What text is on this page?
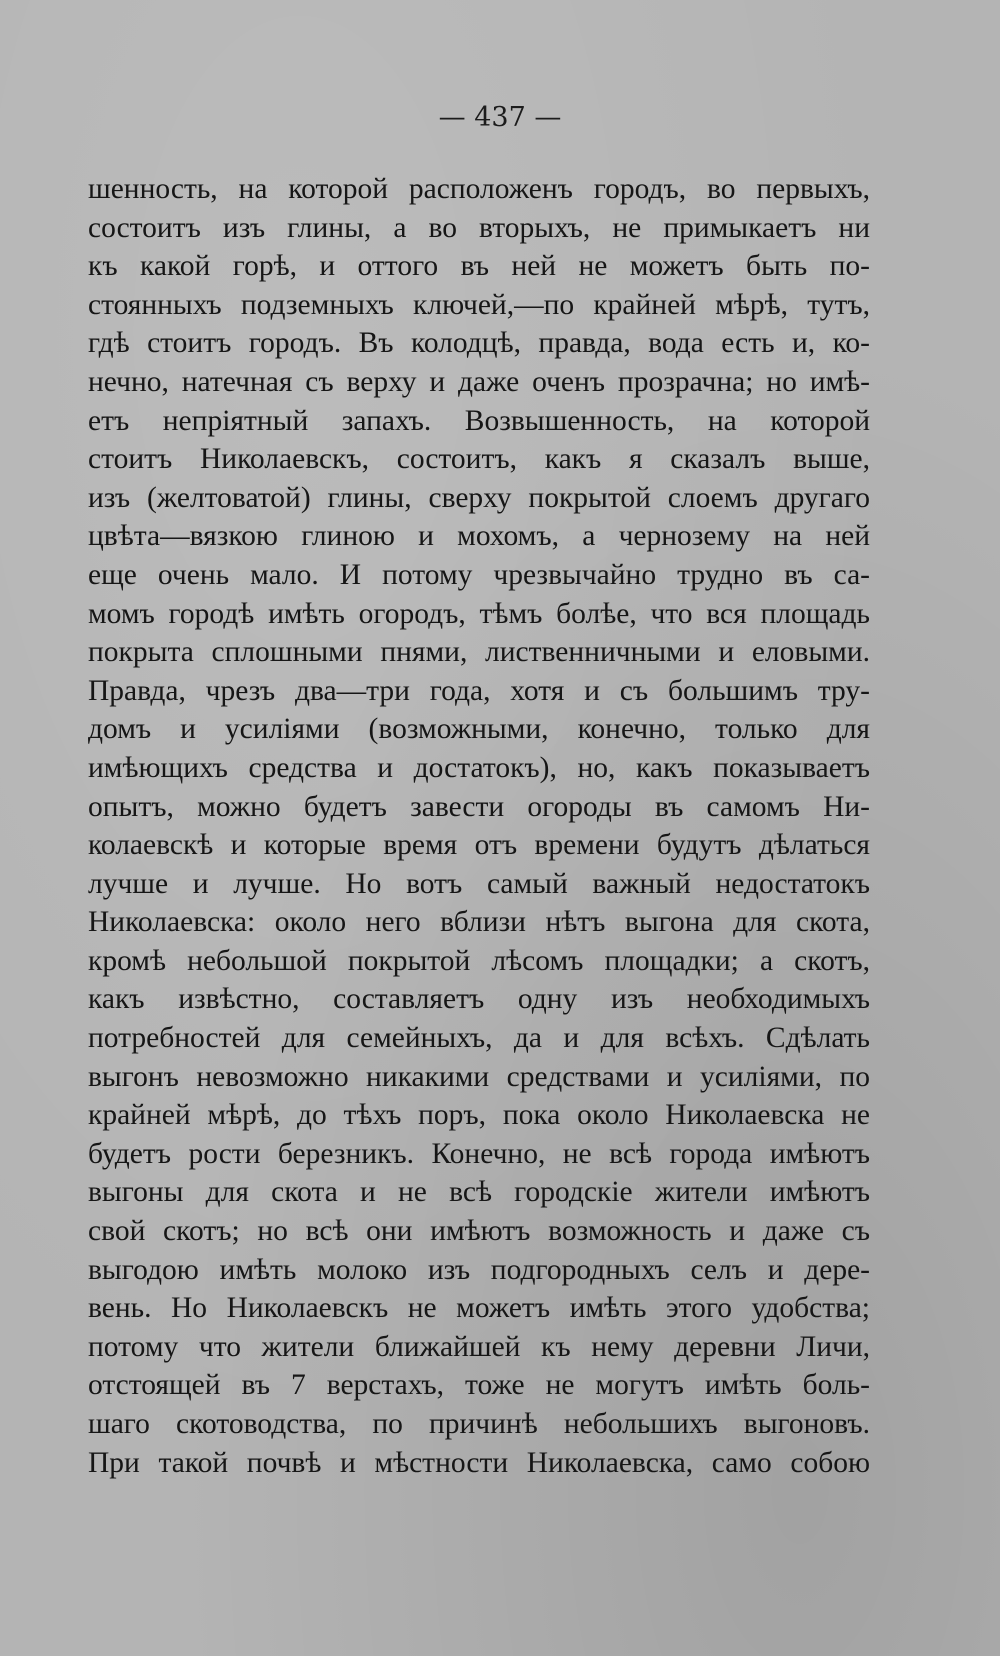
— 437 —

шенность, на которой расположенъ городъ, во первыхъ,
состоитъ изъ глины, а во вторыхъ, не примыкаетъ ни
къ какой горѣ, и оттого въ ней не можетъ быть по-
стоянныхъ подземныхъ ключей,—по крайней мѣрѣ, тутъ,
гдѣ стоитъ городъ. Въ колодцѣ, правда, вода есть и, ко-
нечно, натечная съ верху и даже оченъ прозрачна; но имѣ-
етъ непріятный запахъ. Возвышенность, на которой
стоитъ Николаевскъ, состоитъ, какъ я сказалъ выше,
изъ (желтоватой) глины, сверху покрытой слоемъ другаго
цвѣта—вязкою глиною и мохомъ, а чернозему на ней
еще очень мало. И потому чрезвычайно трудно въ са-
момъ городѣ имѣть огородъ, тѣмъ болѣе, что вся площадь
покрыта сплошными пнями, лиственничными и еловыми.
Правда, чрезъ два—три года, хотя и съ большимъ тру-
домъ и усиліями (возможными, конечно, только для
имѣющихъ средства и достатокъ), но, какъ показываетъ
опытъ, можно будетъ завести огороды въ самомъ Ни-
колаевскѣ и которые время отъ времени будутъ дѣлаться
лучше и лучше. Но вотъ самый важный недостатокъ
Николаевска: около него вблизи нѣтъ выгона для скота,
кромѣ небольшой покрытой лѣсомъ площадки; а скотъ,
какъ извѣстно, составляетъ одну изъ необходимыхъ
потребностей для семейныхъ, да и для всѣхъ. Сдѣлать
выгонъ невозможно никакими средствами и усиліями, по
крайней мѣрѣ, до тѣхъ поръ, пока около Николаевска не
будетъ рости березникъ. Конечно, не всѣ города имѣютъ
выгоны для скота и не всѣ городскіе жители имѣютъ
свой скотъ; но всѣ они имѣютъ возможность и даже съ
выгодою имѣть молоко изъ подгородныхъ селъ и дере-
вень. Но Николаевскъ не можетъ имѣть этого удобства;
потому что жители ближайшей къ нему деревни Личи,
отстоящей въ 7 верстахъ, тоже не могутъ имѣть боль-
шаго скотоводства, по причинѣ небольшихъ выгоновъ.
При такой почвѣ и мѣстности Николаевска, само собою
